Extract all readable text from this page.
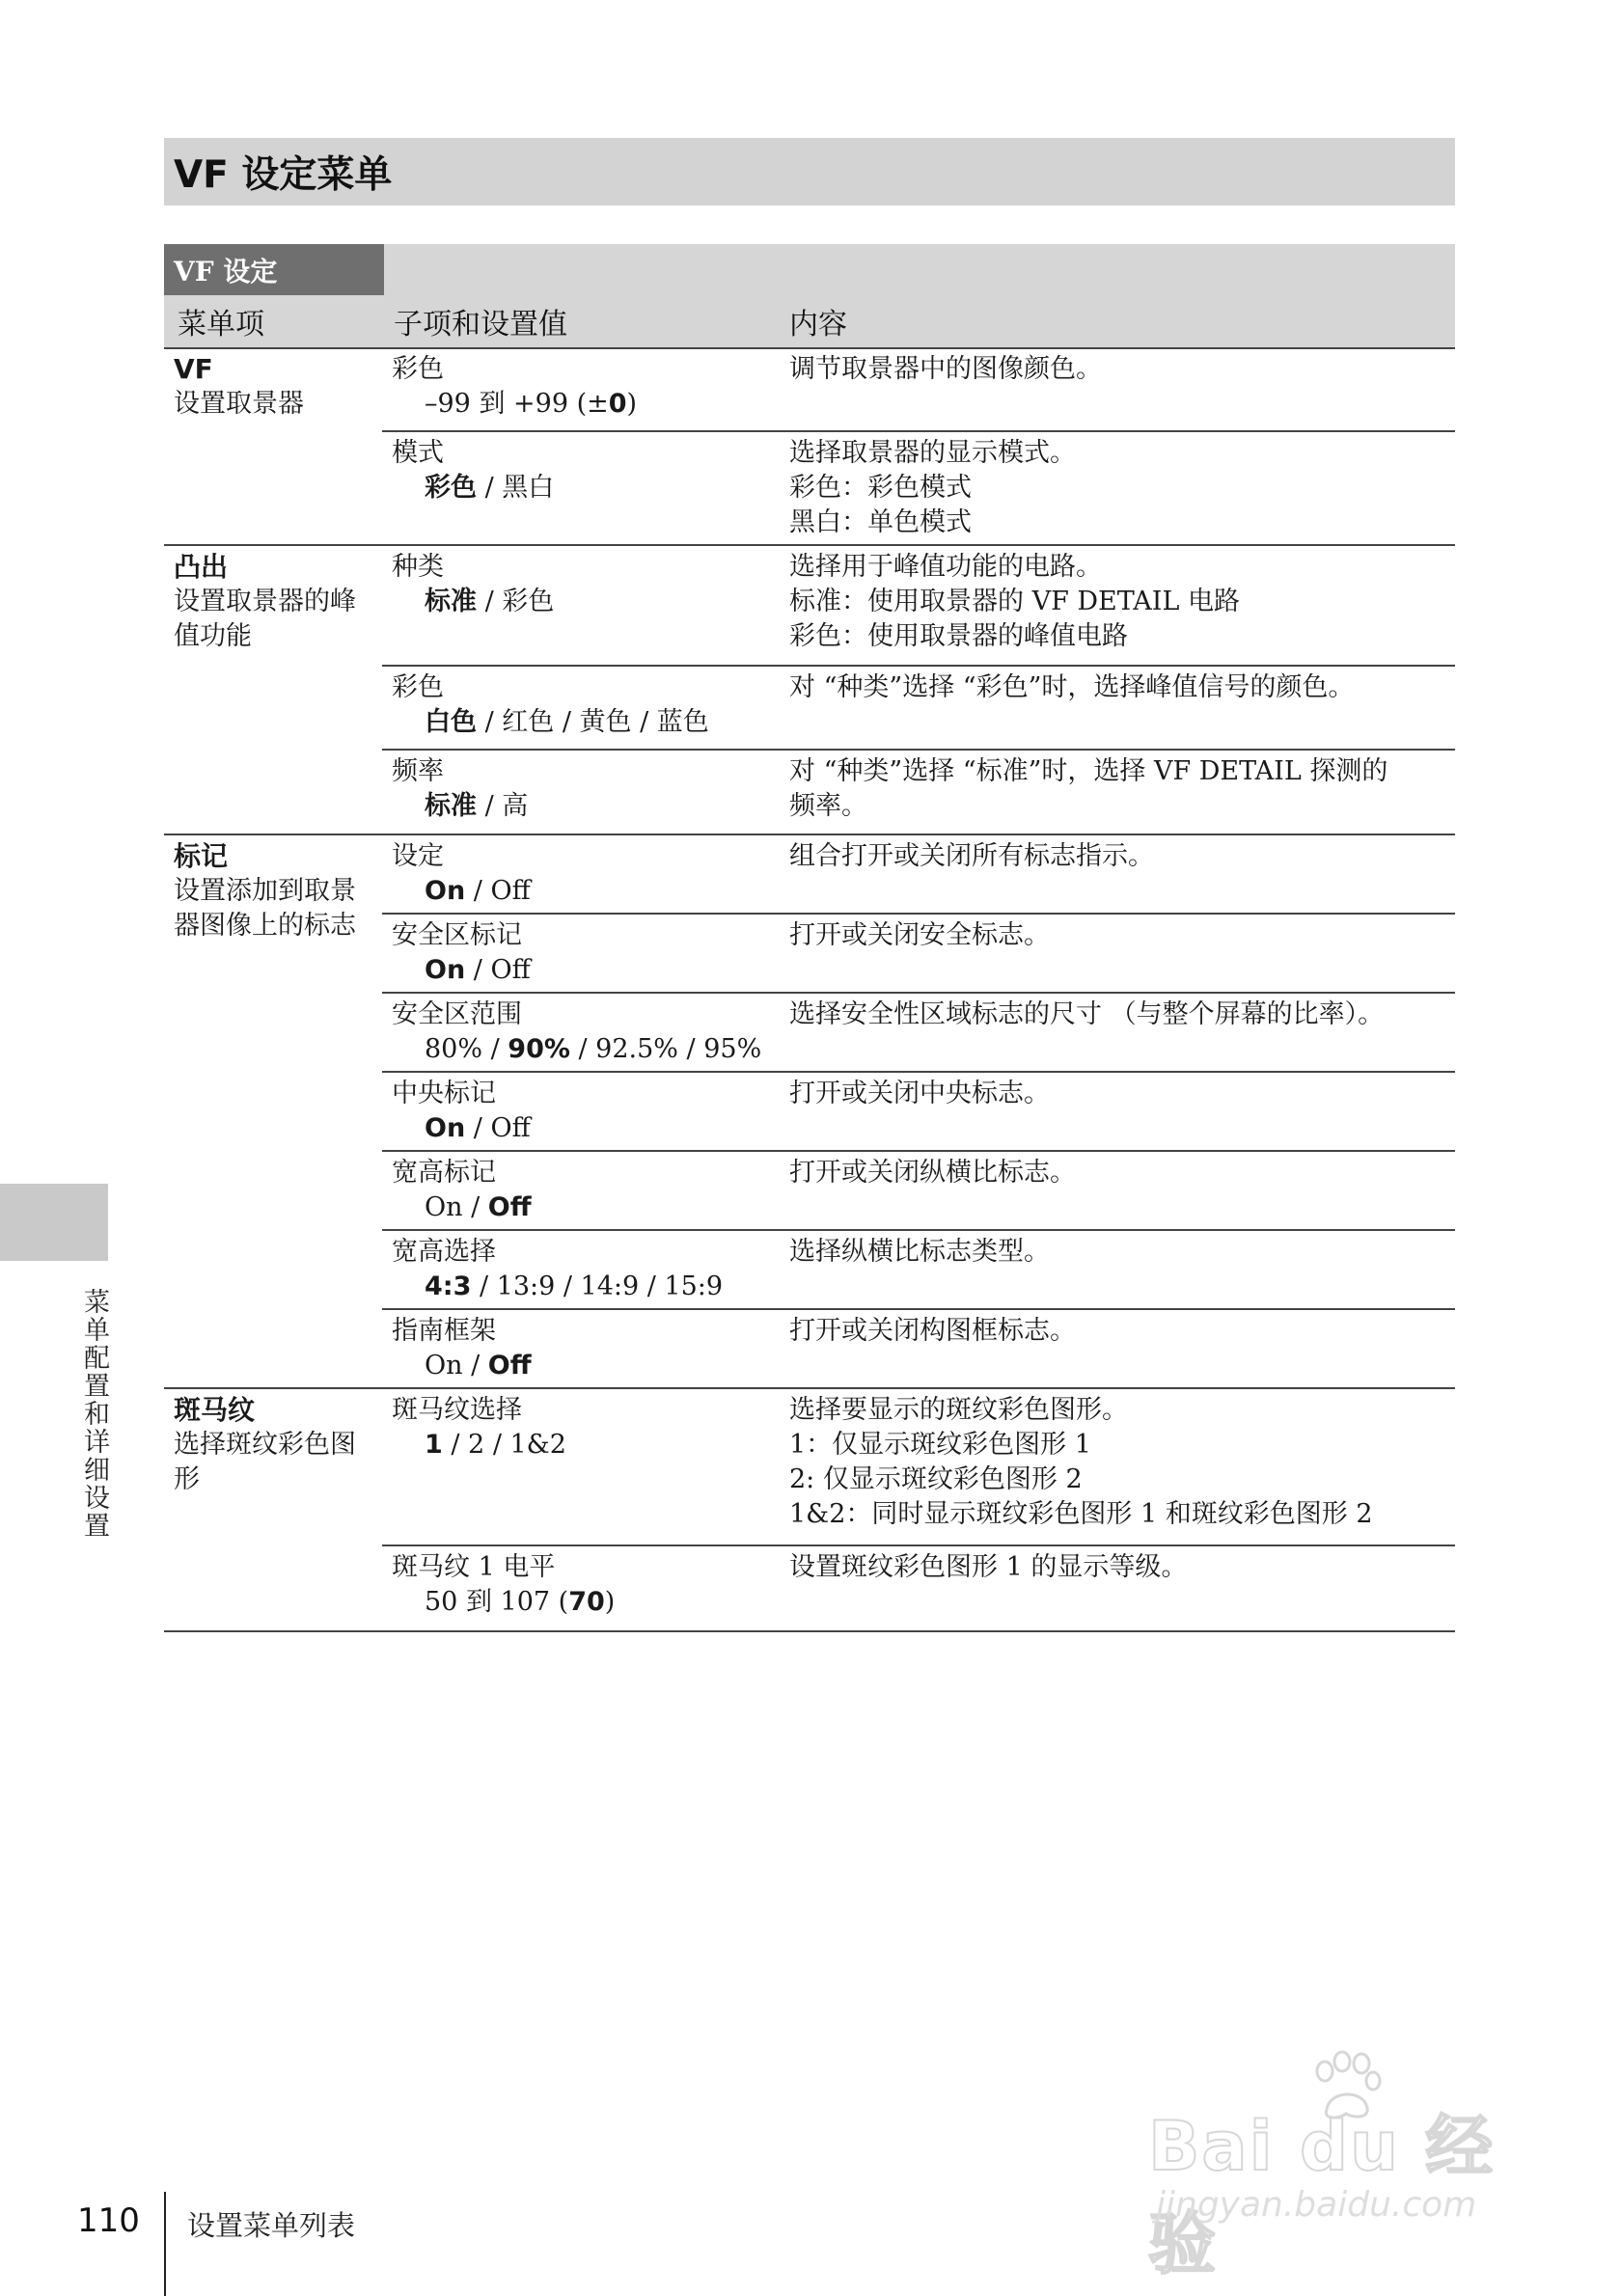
VF 设定菜单
VF 设定
菜单项	子项和设置值	内容
VF
设置取景器
凸出
设置取景器的峰值功能
标记
设置添加到取景器图像上的标志
斑马纹
选择斑纹彩色图形
彩色
–99 到 +99 (±0)
调节取景器中的图像颜色。
模式
彩色 / 黑白
选择取景器的显示模式。
彩色：彩色模式
黑白：单色模式
种类
标准 / 彩色
选择用于峰值功能的电路。
标准：使用取景器的 VF DETAIL 电路
彩色：使用取景器的峰值电路
彩色
白色 / 红色 / 黄色 / 蓝色
对 “种类”选择 “彩色”时，选择峰值信号的颜色。
频率
标准 / 高
对 “种类”选择 “标准”时，选择 VF DETAIL 探测的
频率。
设定
On / Off
组合打开或关闭所有标志指示。
安全区标记
On / Off
打开或关闭安全标志。
安全区范围
80% / 90% / 92.5% / 95%
选择安全性区域标志的尺寸 （与整个屏幕的比率）。
中央标记
On / Off
打开或关闭中央标志。
宽高标记
On / Off
打开或关闭纵横比标志。
宽高选择
4:3 / 13:9 / 14:9 / 15:9
选择纵横比标志类型。
指南框架
On / Off
打开或关闭构图框标志。
斑马纹选择
1 / 2 / 1&2
选择要显示的斑纹彩色图形。
1：仅显示斑纹彩色图形 1
2: 仅显示斑纹彩色图形 2
1&2：同时显示斑纹彩色图形 1 和斑纹彩色图形 2
斑马纹 1 电平
50 到 107 (70)
设置斑纹彩色图形 1 的显示等级。
菜单配置和详细设置
110 设置菜单列表
Bai du 经验
jingyan.baidu.com
